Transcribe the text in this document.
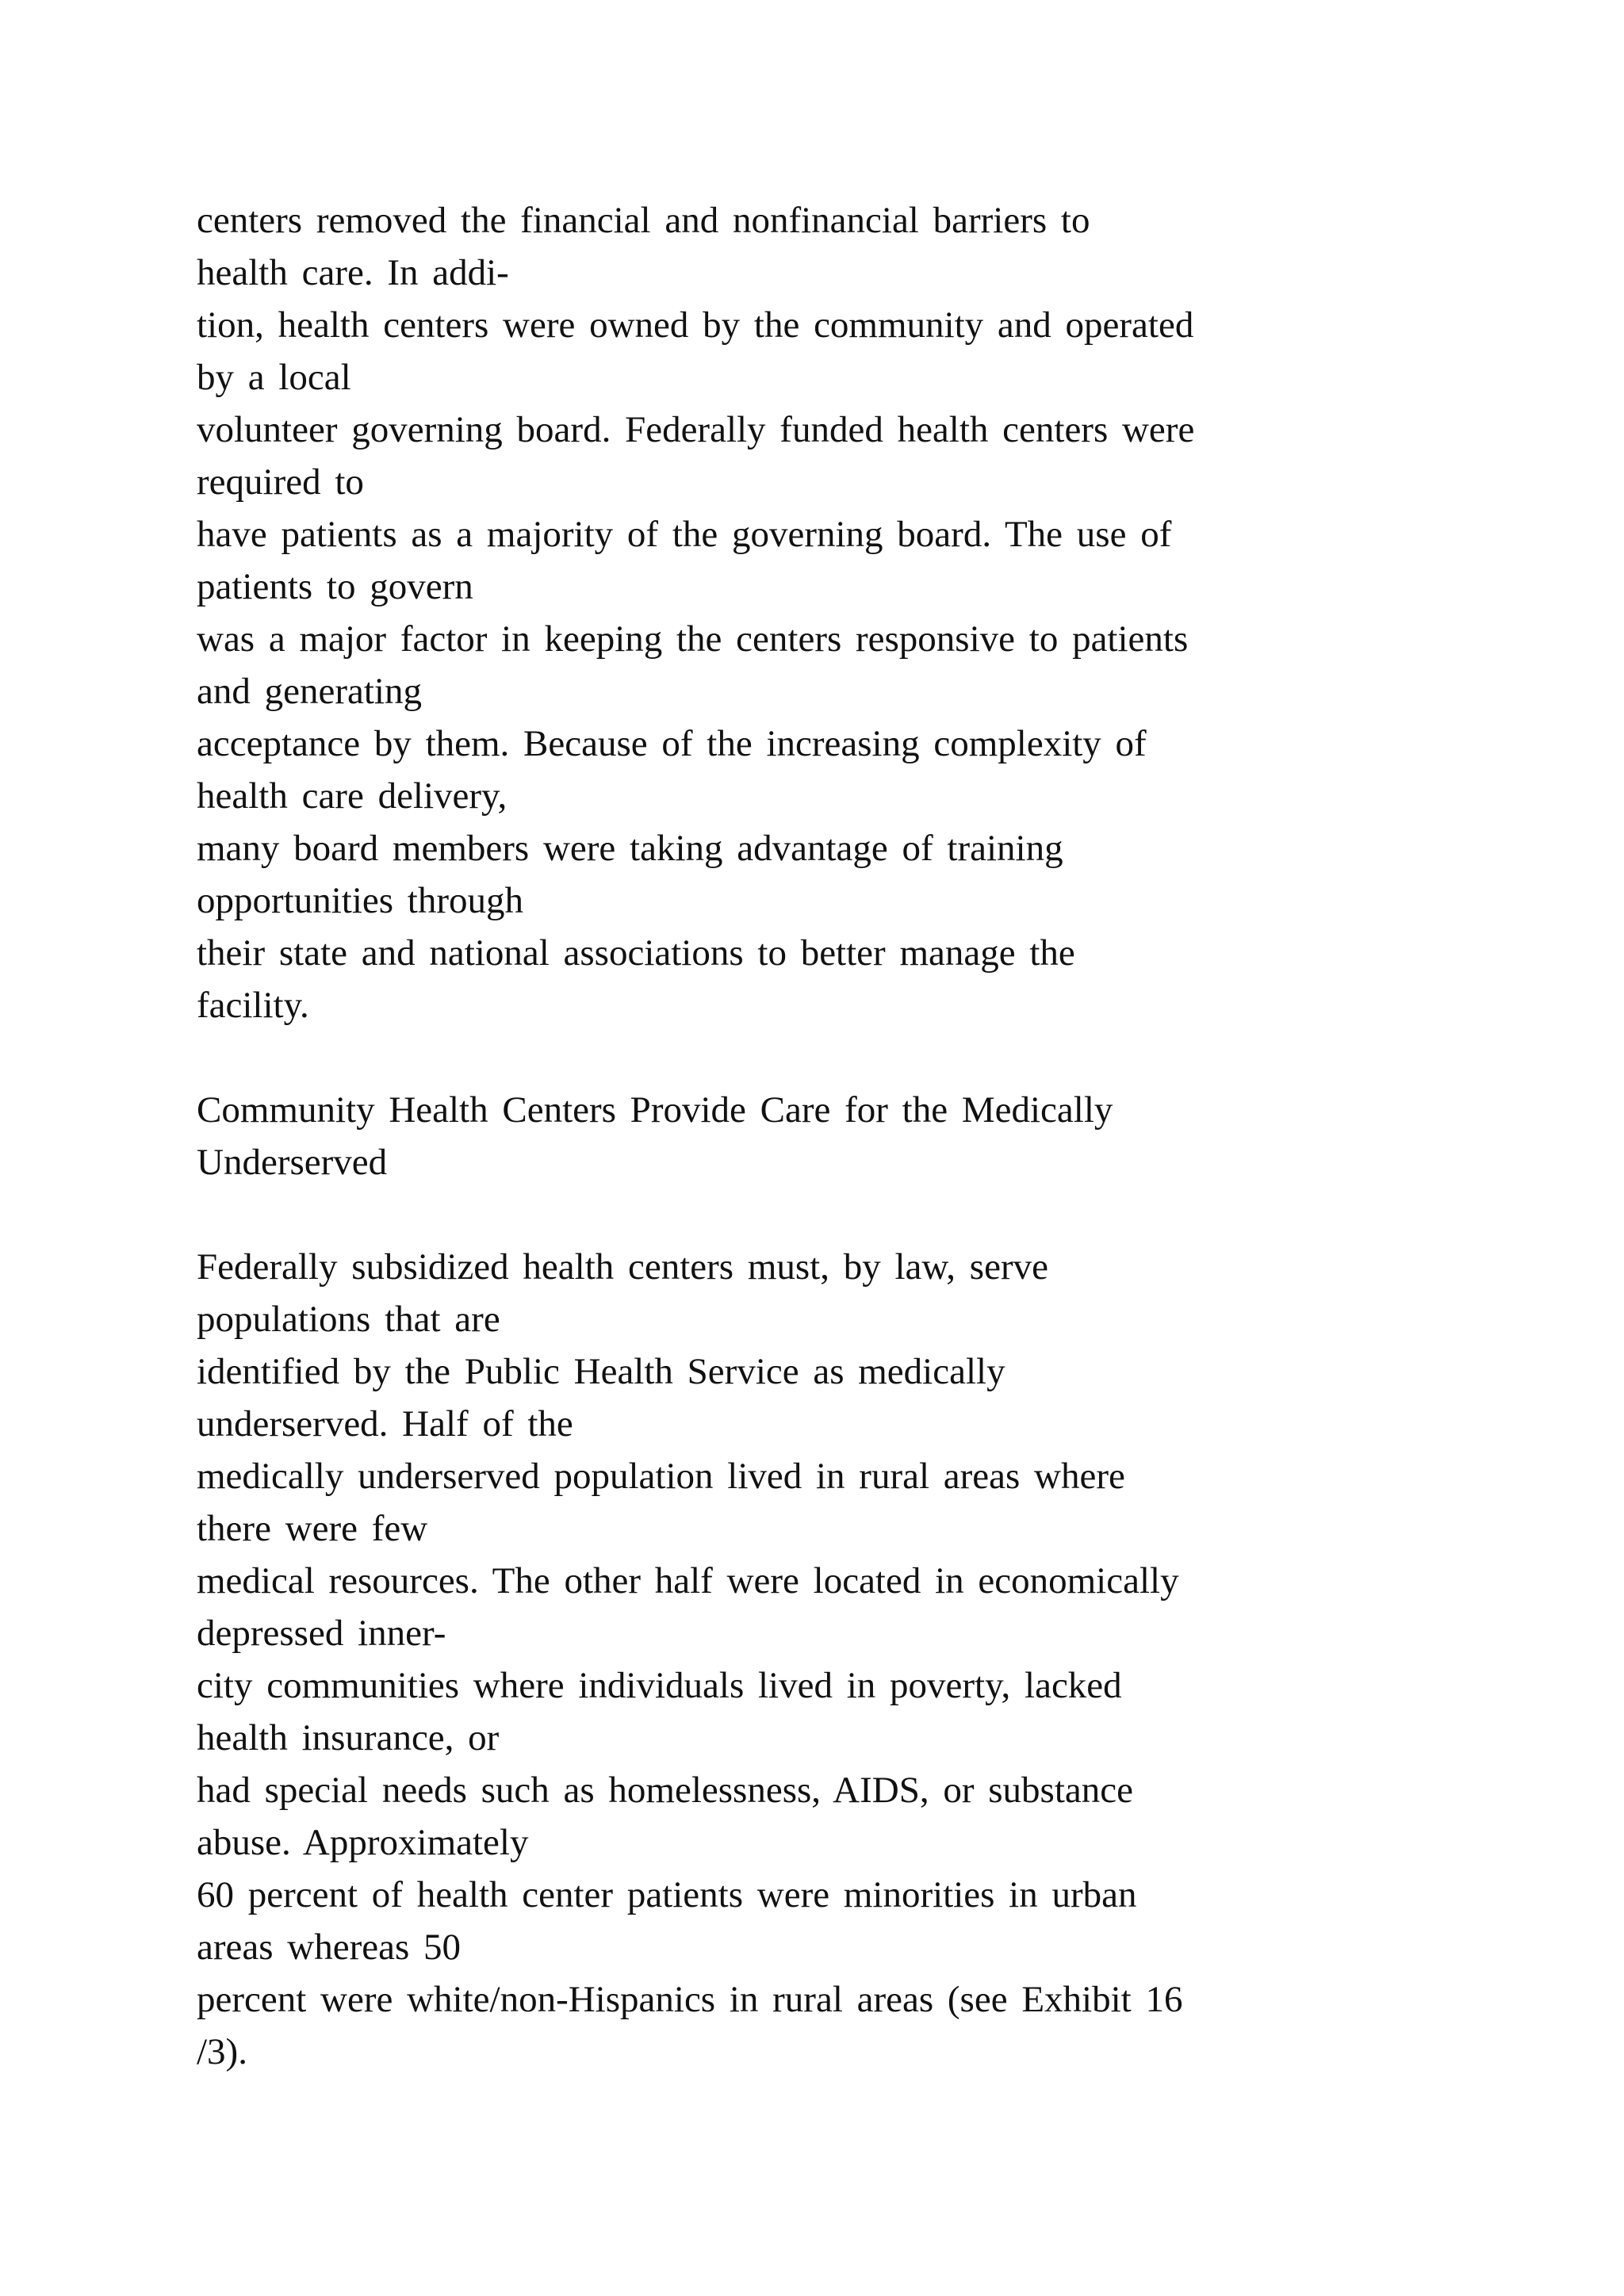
centers removed the financial and nonfinancial barriers to

health care. In addi-

tion, health centers were owned by the community and operated

by a local

volunteer governing board. Federally funded health centers were

required to

have patients as a majority of the governing board. The use of

patients to govern

was a major factor in keeping the centers responsive to patients

and generating

acceptance by them. Because of the increasing complexity of

health care delivery,

many board members were taking advantage of training

opportunities through

their state and national associations to better manage the

facility.

Community Health Centers Provide Care for the Medically

Underserved

Federally subsidized health centers must, by law, serve

populations that are

identified by the Public Health Service as medically

underserved. Half of the

medically underserved population lived in rural areas where

there were few

medical resources. The other half were located in economically

depressed inner-

city communities where individuals lived in poverty, lacked

health insurance, or

had special needs such as homelessness, AIDS, or substance

abuse. Approximately

60 percent of health center patients were minorities in urban

areas whereas 50

percent were white/non-Hispanics in rural areas (see Exhibit 16

/3).
